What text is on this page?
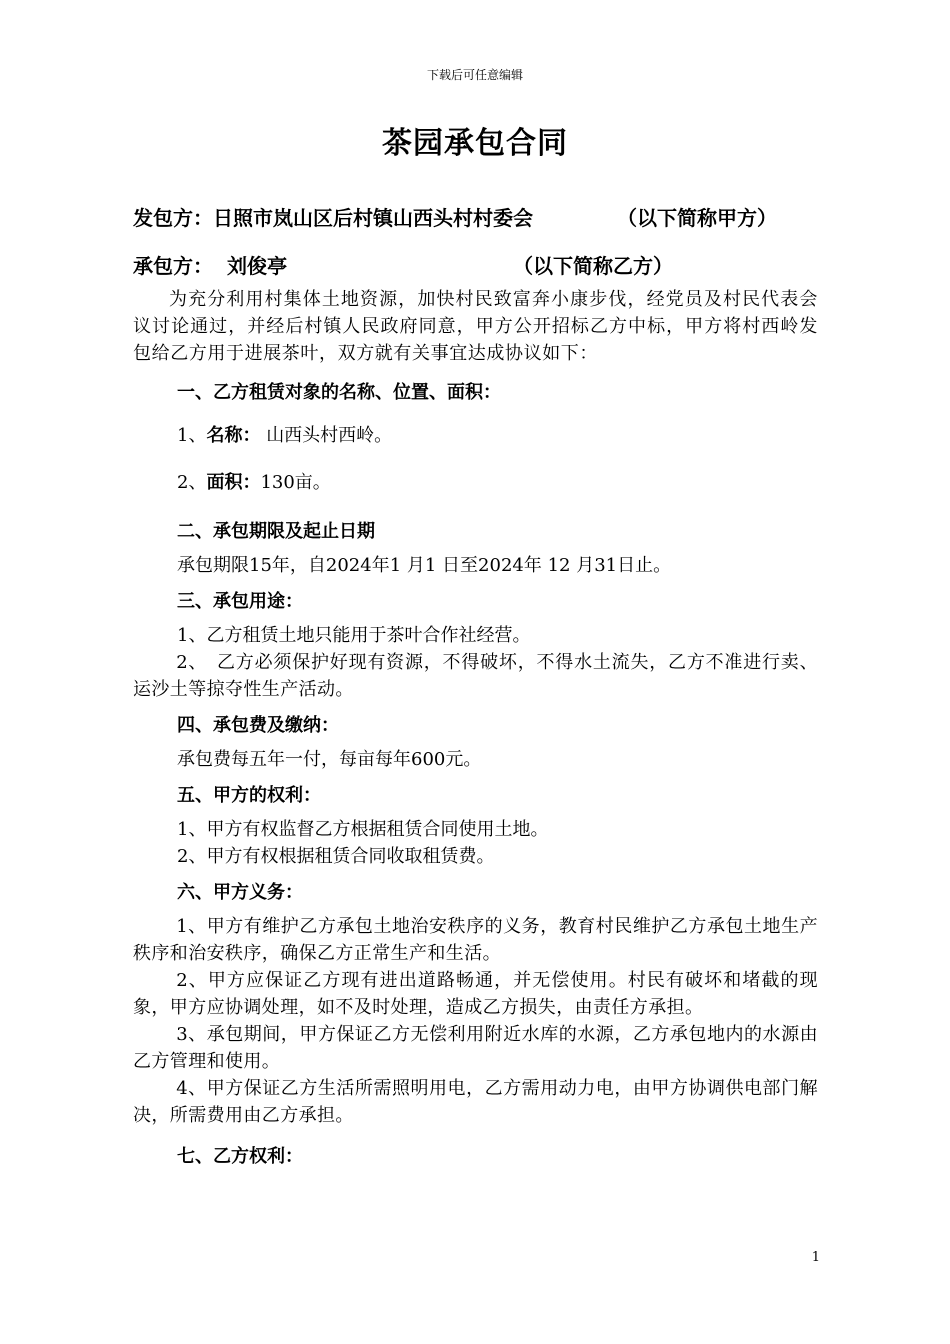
下载后可任意编辑
茶园承包合同
发包方：日照市岚山区后村镇山西头村村委会	（以下简称甲方）
承包方： 刘俊亭	（以下简称乙方）

为充分利用村集体土地资源，加快村民致富奔小康步伐，经党员及村民代表会议讨论通过，并经后村镇人民政府同意，甲方公开招标乙方中标，甲方将村西岭发包给乙方用于进展茶叶，双方就有关事宜达成协议如下：

一、乙方租赁对象的名称、位置、面积：

1、名称： 山西头村西岭。

2、面积：130亩。

二、承包期限及起止日期

承包期限15年，自2024年1 月1 日至2024年 12 月31日止。

三、承包用途：

1、乙方租赁土地只能用于茶叶合作社经营。

2、　乙方必须保护好现有资源，不得破坏，不得水土流失，乙方不准进行卖、运沙土等掠夺性生产活动。

四、承包费及缴纳：

承包费每五年一付，每亩每年600元。

五、甲方的权利：

1、甲方有权监督乙方根据租赁合同使用土地。

2、甲方有权根据租赁合同收取租赁费。

六、甲方义务：

1、甲方有维护乙方承包土地治安秩序的义务，教育村民维护乙方承包土地生产秩序和治安秩序，确保乙方正常生产和生活。

2、甲方应保证乙方现有进出道路畅通，并无偿使用。村民有破坏和堵截的现象，甲方应协调处理，如不及时处理，造成乙方损失，由责任方承担。

3、承包期间，甲方保证乙方无偿利用附近水库的水源，乙方承包地内的水源由乙方管理和使用。

4、甲方保证乙方生活所需照明用电，乙方需用动力电，由甲方协调供电部门解决，所需费用由乙方承担。

七、乙方权利：

1
